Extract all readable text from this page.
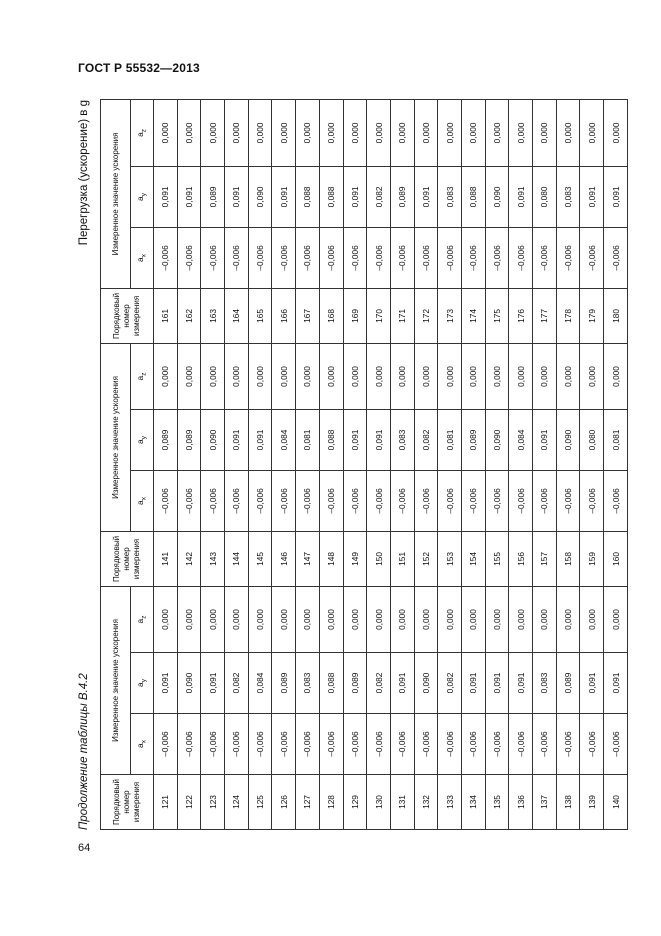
ГОСТ Р 55532—2013
Продолжение таблицы В.4.2
Перегрузка (ускорение) в g
Порядковый номер измерения	Измеренное значение ускорения			Порядковый номер измерения	Измеренное значение ускорения			Порядковый номер измерения	Измеренное значение ускорения		
	$a_x$	$a_y$	$a_z$		$a_x$	$a_y$	$a_z$		$a_x$	$a_y$	$a_z$
121	–0,006	0,091	0,000	141	–0,006	0,089	0,000	161	–0,006	0,091	0,000
122	–0,006	0,090	0,000	142	–0,006	0,089	0,000	162	–0,006	0,091	0,000
123	–0,006	0,091	0,000	143	–0,006	0,090	0,000	163	–0,006	0,089	0,000
124	–0,006	0,082	0,000	144	–0,006	0,091	0,000	164	–0,006	0,091	0,000
125	–0,006	0,084	0,000	145	–0,006	0,091	0,000	165	–0,006	0,090	0,000
126	–0,006	0,089	0,000	146	–0,006	0,084	0,000	166	–0,006	0,091	0,000
127	–0,006	0,083	0,000	147	–0,006	0,081	0,000	167	–0,006	0,088	0,000
128	–0,006	0,088	0,000	148	–0,006	0,088	0,000	168	–0,006	0,088	0,000
129	–0,006	0,089	0,000	149	–0,006	0,091	0,000	169	–0,006	0,091	0,000
130	–0,006	0,082	0,000	150	–0,006	0,091	0,000	170	–0,006	0,082	0,000
131	–0,006	0,091	0,000	151	–0,006	0,083	0,000	171	–0,006	0,089	0,000
132	–0,006	0,090	0,000	152	–0,006	0,082	0,000	172	–0,006	0,091	0,000
133	–0,006	0,082	0,000	153	–0,006	0,081	0,000	173	–0,006	0,083	0,000
134	–0,006	0,091	0,000	154	–0,006	0,089	0,000	174	–0,006	0,088	0,000
135	–0,006	0,091	0,000	155	–0,006	0,090	0,000	175	–0,006	0,090	0,000
136	–0,006	0,091	0,000	156	–0,006	0,084	0,000	176	–0,006	0,091	0,000
137	–0,006	0,083	0,000	157	–0,006	0,091	0,000	177	–0,006	0,080	0,000
138	–0,006	0,089	0,000	158	–0,006	0,090	0,000	178	–0,006	0,083	0,000
139	–0,006	0,091	0,000	159	–0,006	0,080	0,000	179	–0,006	0,091	0,000
140	–0,006	0,091	0,000	160	–0,006	0,081	0,000	180	–0,006	0,091	0,000
64
